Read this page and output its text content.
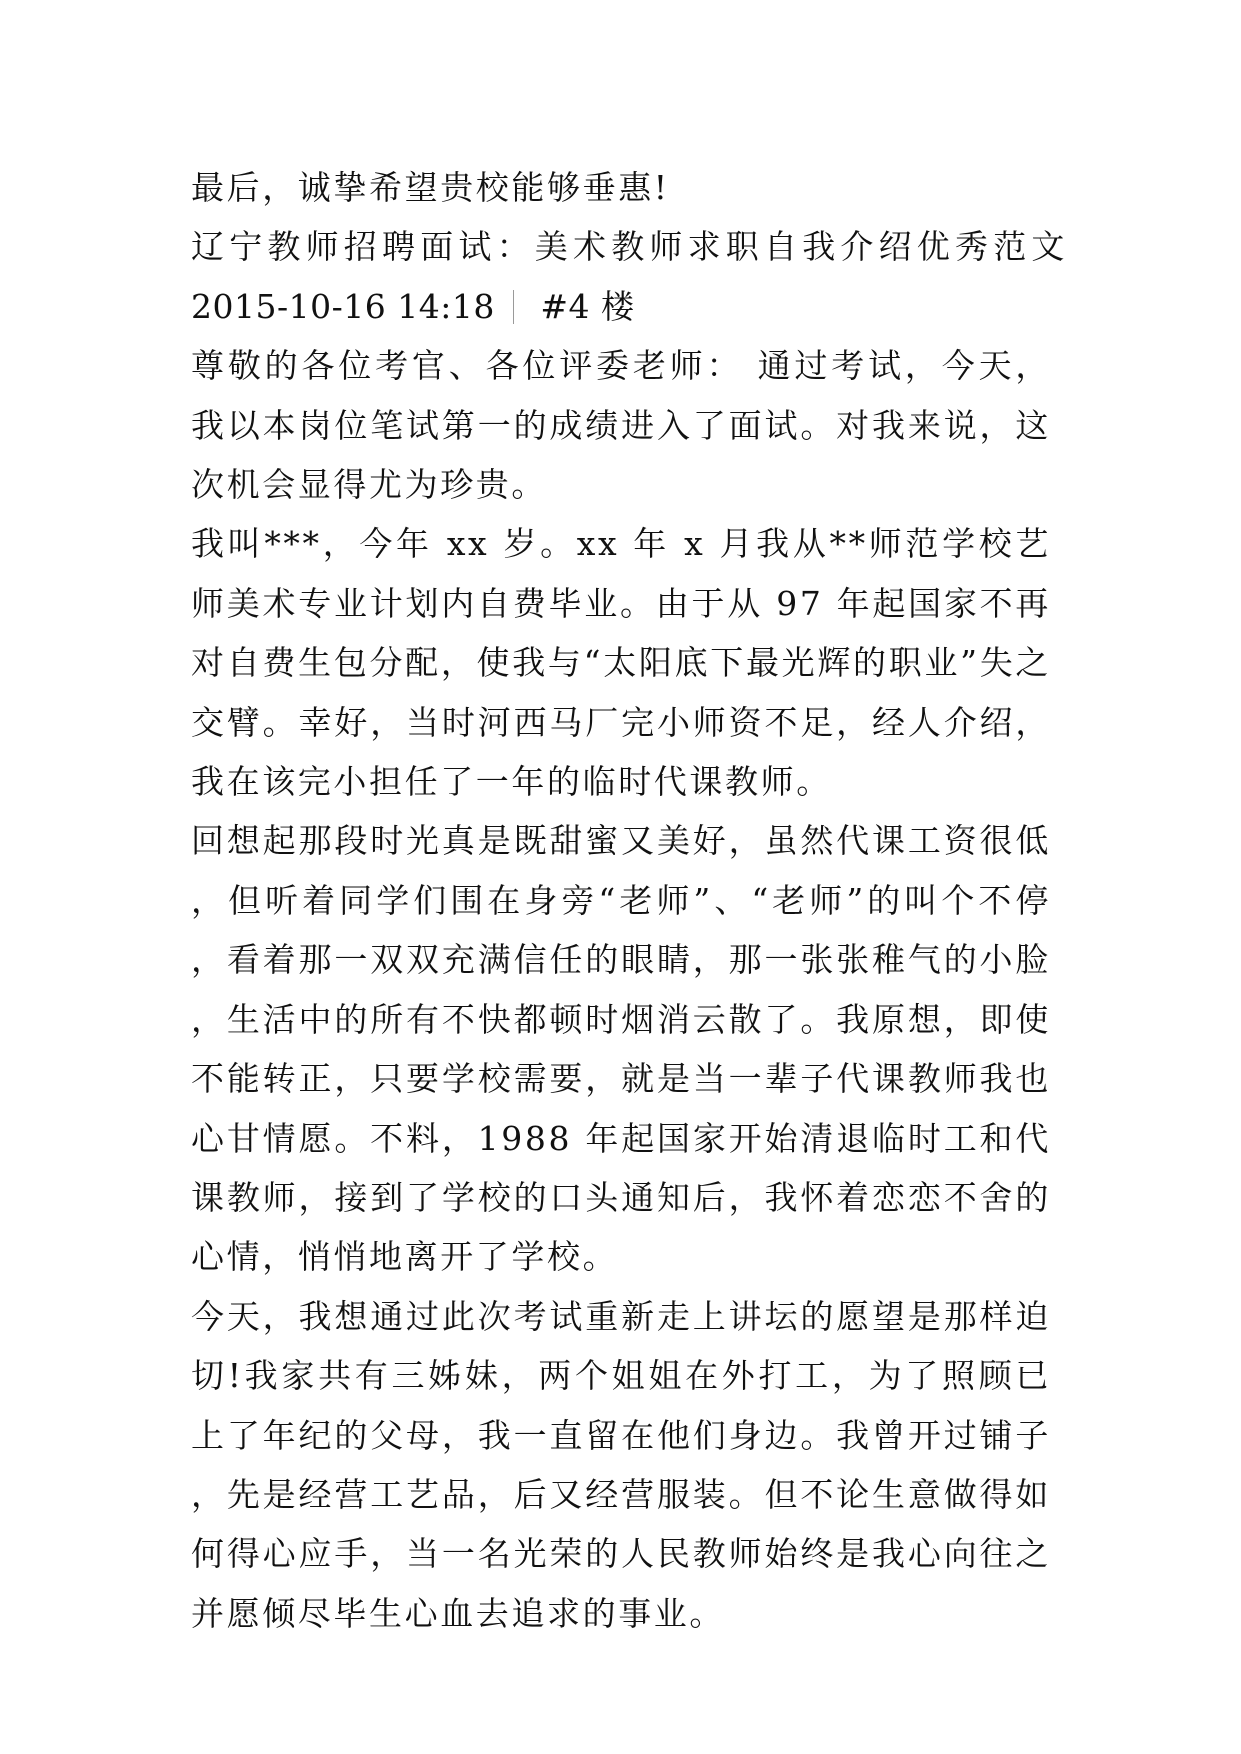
最后，诚挚希望贵校能够垂惠!

辽宁教师招聘面试：美术教师求职自我介绍优秀范文

2015-10-16 14:18 #4 楼

尊敬的各位考官、各位评委老师： 通过考试，今天，我以本岗位笔试第一的成绩进入了面试。对我来说，这次机会显得尤为珍贵。

我叫***，今年 xx 岁。xx 年 x 月我从**师范学校艺师美术专业计划内自费毕业。由于从 97 年起国家不再对自费生包分配，使我与“太阳底下最光辉的职业”失之交臂。幸好，当时河西马厂完小师资不足，经人介绍，我在该完小担任了一年的临时代课教师。

回想起那段时光真是既甜蜜又美好，虽然代课工资很低，但听着同学们围在身旁“老师”、“老师”的叫个不停，看着那一双双充满信任的眼睛，那一张张稚气的小脸，生活中的所有不快都顿时烟消云散了。我原想，即使不能转正，只要学校需要，就是当一辈子代课教师我也心甘情愿。不料，1988 年起国家开始清退临时工和代课教师，接到了学校的口头通知后，我怀着恋恋不舍的心情，悄悄地离开了学校。

今天，我想通过此次考试重新走上讲坛的愿望是那样迫切!我家共有三姊妹，两个姐姐在外打工，为了照顾已上了年纪的父母，我一直留在他们身边。我曾开过铺子，先是经营工艺品，后又经营服装。但不论生意做得如何得心应手，当一名光荣的人民教师始终是我心向往之并愿倾尽毕生心血去追求的事业。
